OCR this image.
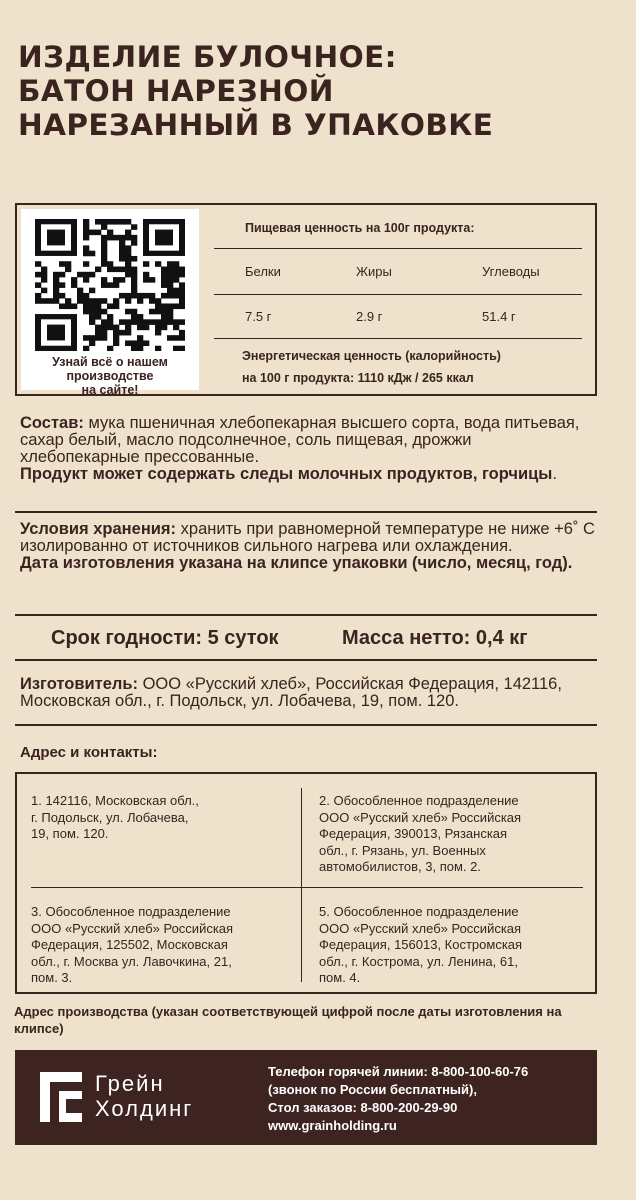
ИЗДЕЛИЕ БУЛОЧНОЕ:
БАТОН НАРЕЗНОЙ
НАРЕЗАННЫЙ В УПАКОВКЕ
Узнай всё о нашем
производстве
на сайте!
Пищевая ценность на 100г продукта:
Белки	Жиры	Углеводы
7.5 г	2.9 г	51.4 г
Энергетическая ценность (калорийность)
на 100 г продукта: 1110 кДж / 265 ккал
Состав: мука пшеничная хлебопекарная высшего сорта, вода питьевая, сахар белый, масло подсолнечное, соль пищевая, дрожжи хлебопекарные прессованные.
Продукт может содержать следы молочных продуктов, горчицы.
Условия хранения: хранить при равномерной температуре не ниже +6˚ С изолированно от источников сильного нагрева или охлаждения.
Дата изготовления указана на клипсе упаковки (число, месяц, год).
Срок годности: 5 суток	Масса нетто: 0,4 кг
Изготовитель: ООО «Русский хлеб», Российская Федерация, 142116, Московская обл., г. Подольск, ул. Лобачева, 19, пом. 120.
Адрес и контакты:
1. 142116, Московская обл.,
г. Подольск, ул. Лобачева,
19, пом. 120.
2. Обособленное подразделение
ООО «Русский хлеб» Российская
Федерация, 390013, Рязанская
обл., г. Рязань, ул. Военных
автомобилистов, 3, пом. 2.
3. Обособленное подразделение
ООО «Русский хлеб» Российская
Федерация, 125502, Московская
обл., г. Москва ул. Лавочкина, 21,
пом. 3.
5. Обособленное подразделение
ООО «Русский хлеб» Российская
Федерация, 156013, Костромская
обл., г. Кострома, ул. Ленина, 61,
пом. 4.
Адрес производства (указан соответствующей цифрой после даты изготовления на клипсе)
Грейн
Холдинг
Телефон горячей линии: 8-800-100-60-76
(звонок по России бесплатный),
Стол заказов: 8-800-200-29-90
www.grainholding.ru
